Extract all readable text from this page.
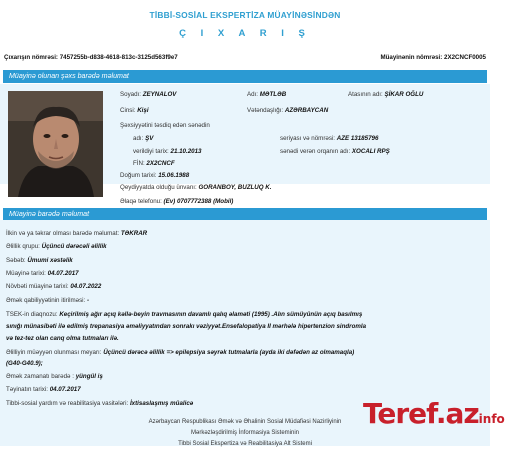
TİBBİ-SOSİAL EKSPERTİZA MÜAYİNƏSİNDƏN
Ç I X A R I Ş
Çıxarışın nömrəsi: 7457255b-d838-4618-813c-3125d563f9e7	Müayinənin nömrəsi: 2X2CNCF0005
Müayinə olunan şəxs barədə məlumat
Soyadı: ZEYNALOV	Adı: MƏTLƏB	Atasının adı: ŞİKAR OĞLU
Cinsi: Kişi	Vətəndaşlığı: AZƏRBAYCAN
Şəxsiyyətini təsdiq edən sənədin
adı: ŞV	seriyası və nömrəsi: AZE 13185796
verildiyi tarix: 21.10.2013	sənədi verən orqanın adı: XOCALI RPŞ
FİN: 2X2CNCF
Doğum tarixi: 15.06.1988
Qeydiyyatda olduğu ünvanı: GORANBOY, BUZLUQ K.
Əlaqə telefonu: (Ev) 0707772388 (Mobil)
Müayinə barədə məlumat
İlkin və ya təkrar olması barədə məlumat: TƏKRAR
Əlillik qrupu: Üçüncü dərəcəli əlillik
Səbəb: Ümumi xəstəlik
Müayinə tarixi: 04.07.2017
Növbəti müayinə tarixi: 04.07.2022
Əmək qabiliyyətinin itirilməsi: -
TSEK-in diaqnozu: Keçirilmiş ağır açıq kəllə-beyin travmasının davamlı qalıq əlaməti (1995) .Alın sümüyünün açıq basılmış
sınığı münasibəti ilə edilmiş trepanasiya əməliyyatından sonrakı vəziyyət.Ensefalopatiya II mərhələ hipertenzion sindromla
və tez-tez olan canq olma tutmaları ilə.
Əlilliyin müəyyən olunması meyarı: Üçüncü dərəcə əlillik => epilepsiya səyrək tutmalarla (ayda iki dəfədən az olmamaqla)
(G40-G40.9);
Əmək zamanatı barədə : yüngül iş
Təyinatın tarixi: 04.07.2017
Tibbi-sosial yardım və reabilitasiya vasitələri: İxtisaslaşmış müalicə
Azərbaycan Respublikası Əmək və Əhalinin Sosial Müdafiəsi Nazirliyinin
Mərkəzləşdirilmiş İnformasiya Sisteminin
Tibbi Sosial Ekspertiza və Reabilitasiya Alt Sistemi
Teref.azinfo
